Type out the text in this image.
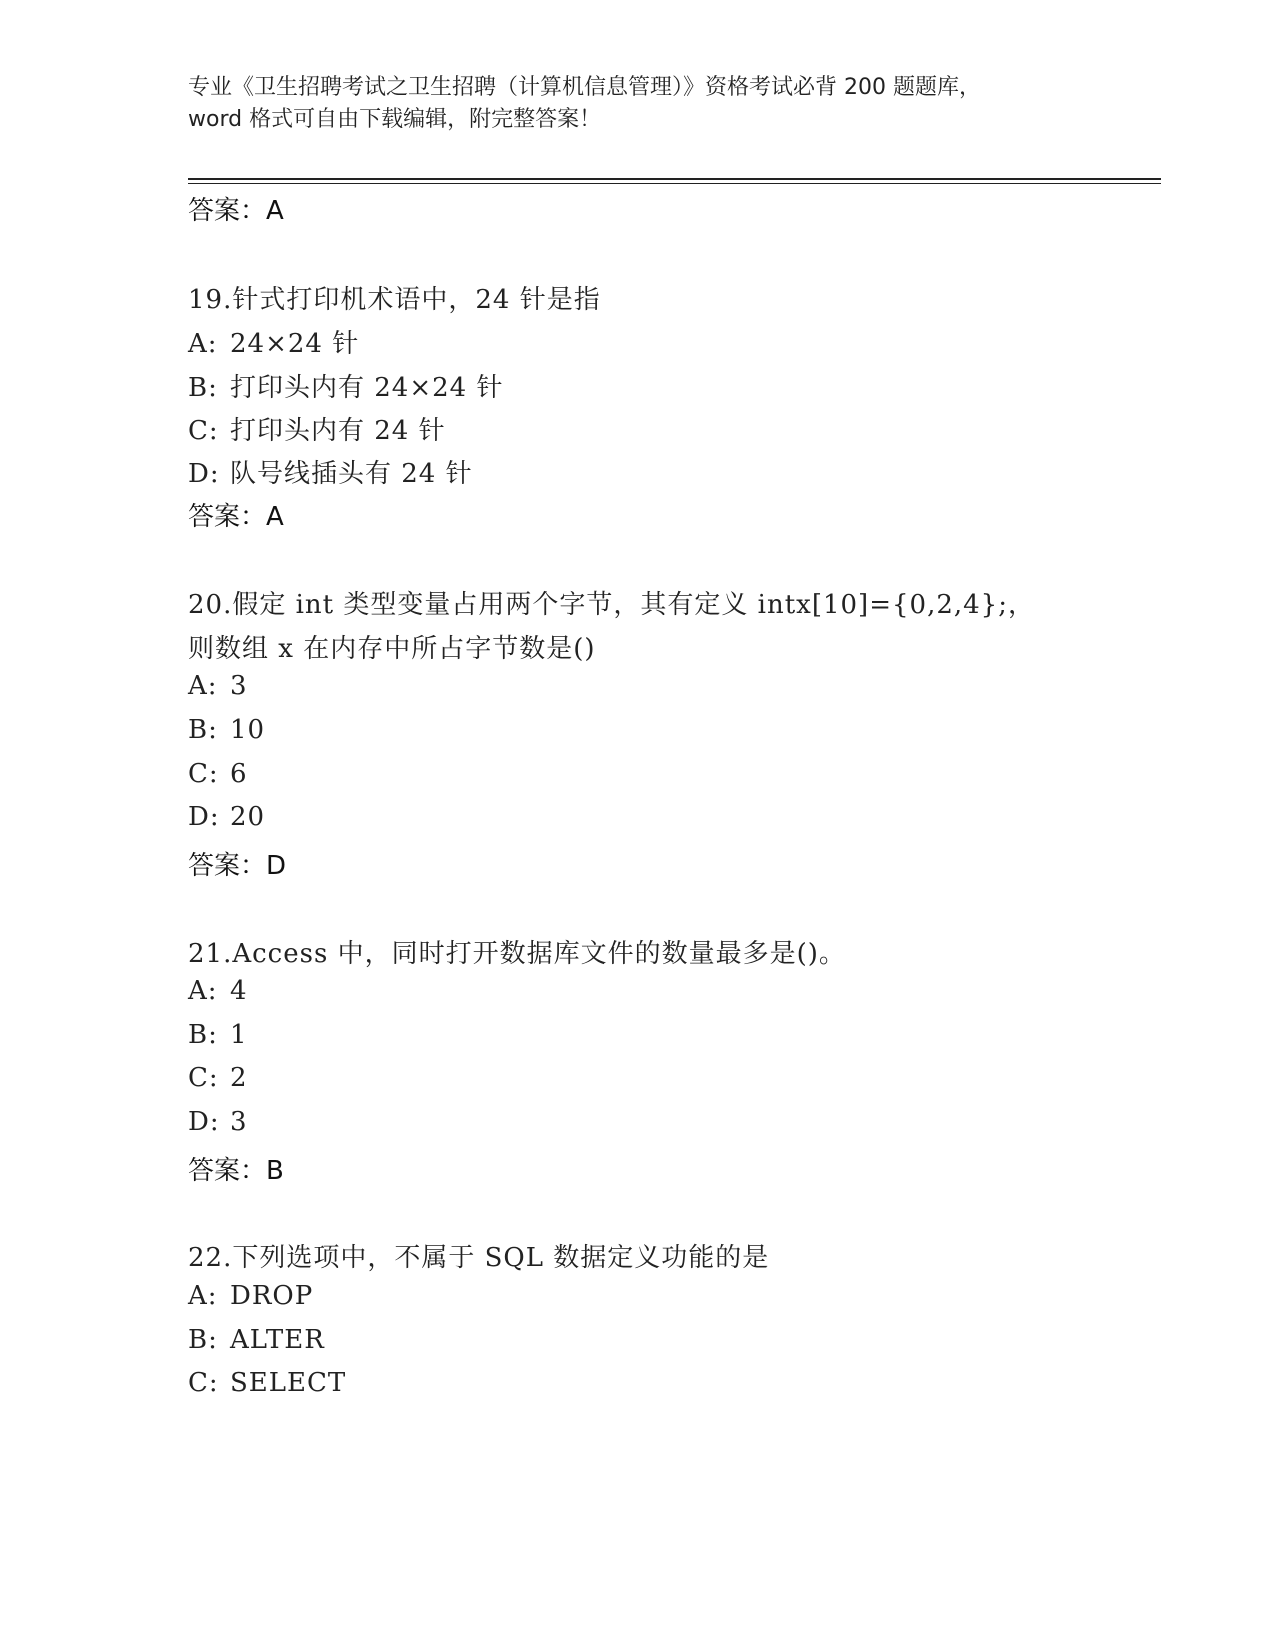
专业《卫生招聘考试之卫生招聘（计算机信息管理）》资格考试必背 200 题题库，
word 格式可自由下载编辑，附完整答案！
答案：A
19.针式打印机术语中，24 针是指
A: 24×24 针
B: 打印头内有 24×24 针
C: 打印头内有 24 针
D: 队号线插头有 24 针
答案：A
20.假定 int 类型变量占用两个字节，其有定义 intx[10]={0,2,4};，
则数组 x 在内存中所占字节数是()
A: 3
B: 10
C: 6
D: 20
答案：D
21.Access 中，同时打开数据库文件的数量最多是()。
A: 4
B: 1
C: 2
D: 3
答案：B
22.下列选项中，不属于 SQL 数据定义功能的是
A: DROP
B: ALTER
C: SELECT
